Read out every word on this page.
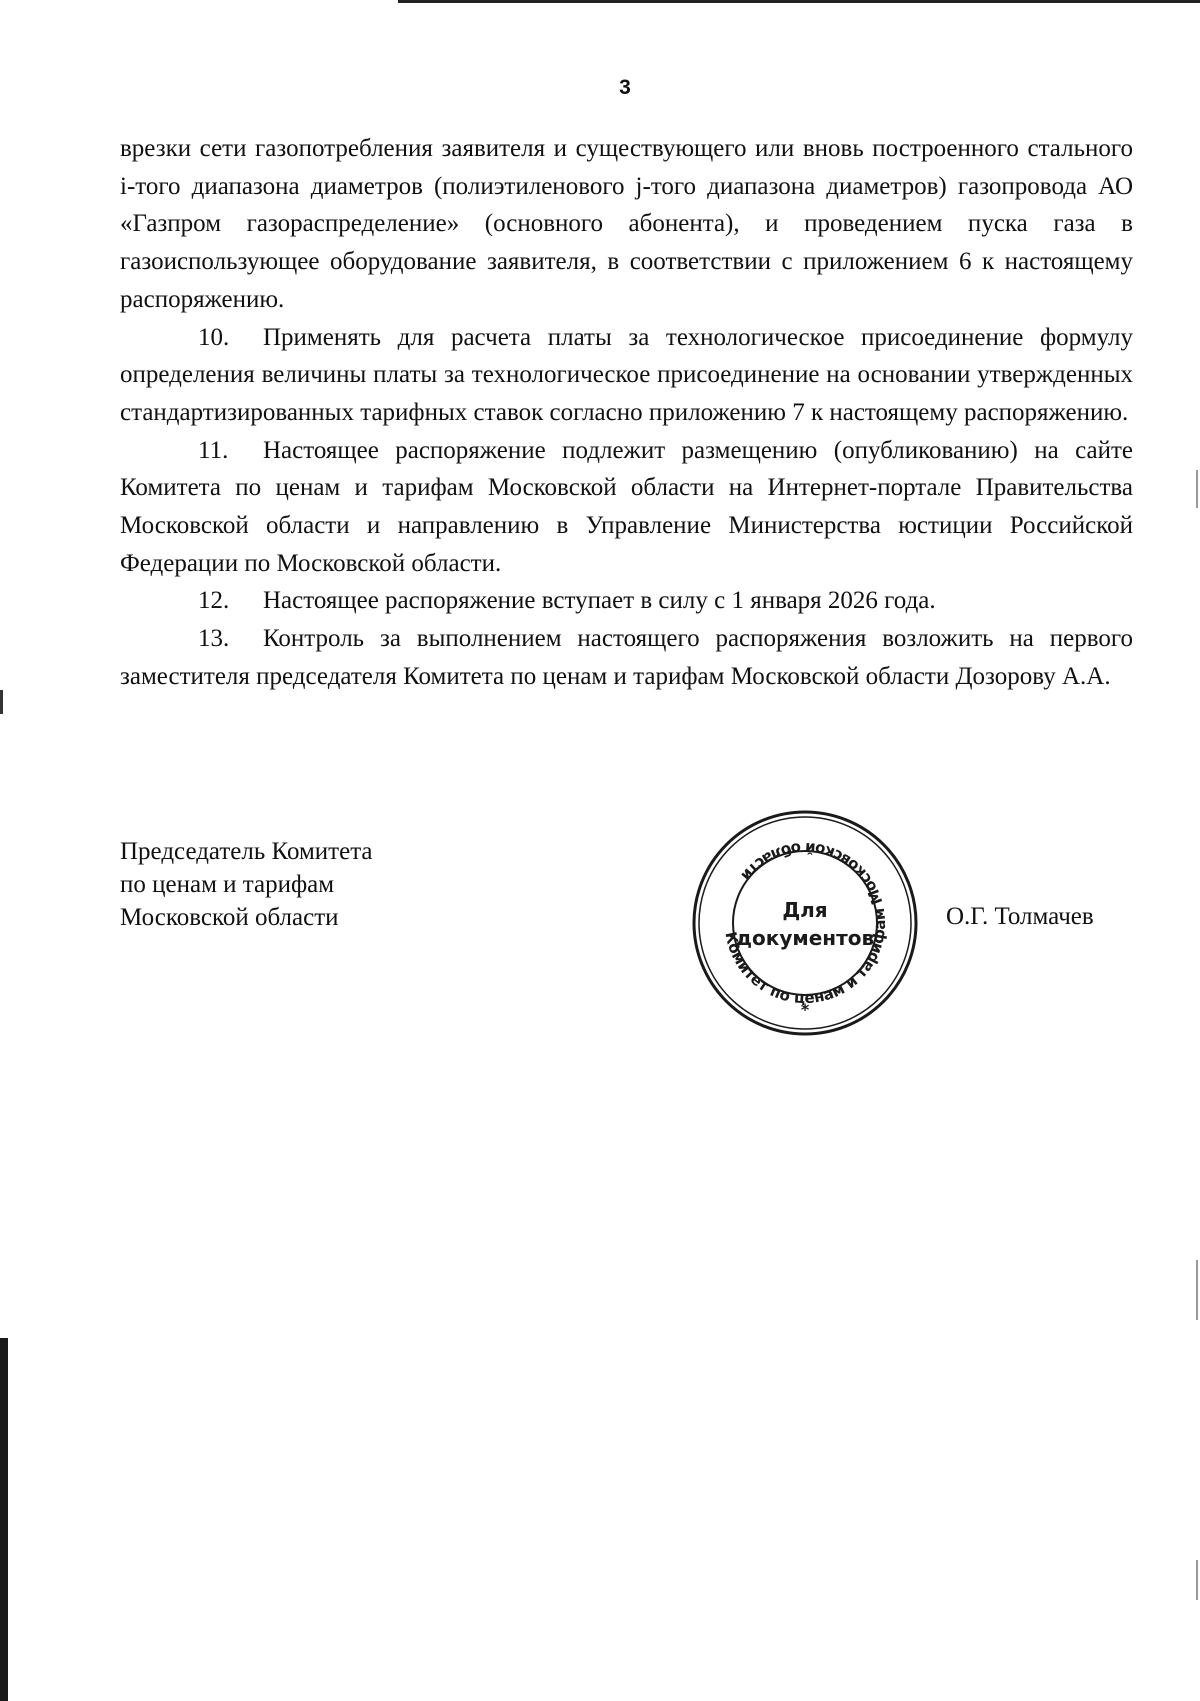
3

врезки сети газопотребления заявителя и существующего или вновь построенного стального i-того диапазона диаметров (полиэтиленового j-того диапазона диаметров) газопровода АО «Газпром газораспределение» (основного абонента), и проведением пуска газа в газоиспользующее оборудование заявителя, в соответствии с приложением 6 к настоящему распоряжению.

10. Применять для расчета платы за технологическое присоединение формулу определения величины платы за технологическое присоединение на основании утвержденных стандартизированных тарифных ставок согласно приложению 7 к настоящему распоряжению.

11. Настоящее распоряжение подлежит размещению (опубликованию) на сайте Комитета по ценам и тарифам Московской области на Интернет-портале Правительства Московской области и направлению в Управление Министерства юстиции Российской Федерации по Московской области.

12. Настоящее распоряжение вступает в силу с 1 января 2026 года.

13. Контроль за выполнением настоящего распоряжения возложить на первого заместителя председателя Комитета по ценам и тарифам Московской области Дозорову А.А.

Председатель Комитета
по ценам и тарифам
Московской области
Комитет по ценам и тарифам Московской области
Для
документов
*
О.Г. Толмачев
